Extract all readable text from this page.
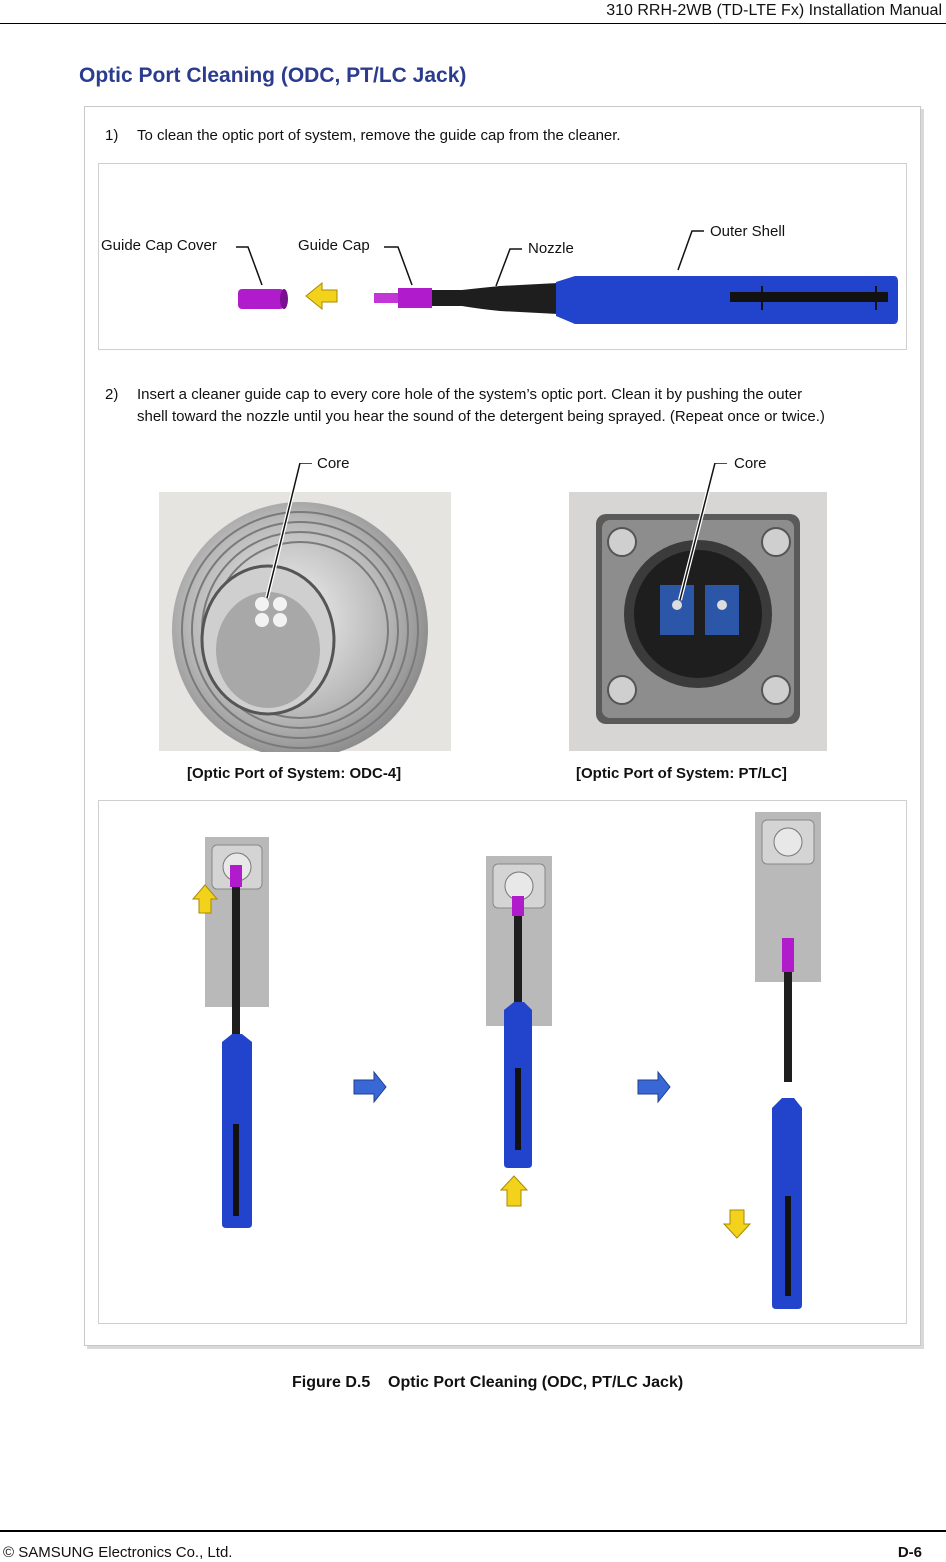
310 RRH-2WB (TD-LTE Fx) Installation Manual
Optic Port Cleaning (ODC, PT/LC Jack)
1) To clean the optic port of system, remove the guide cap from the cleaner.
Guide Cap Cover	Guide Cap	Nozzle
Outer Shell
2) Insert a cleaner guide cap to every core hole of the system’s optic port. Clean it by pushing the outer
shell toward the nozzle until you hear the sound of the detergent being sprayed. (Repeat once or twice.)
Core	Core
[Optic Port of System: ODC-4]	[Optic Port of System: PT/LC]
Figure D.5    Optic Port Cleaning (ODC, PT/LC Jack)
© SAMSUNG Electronics Co., Ltd.	D-6
